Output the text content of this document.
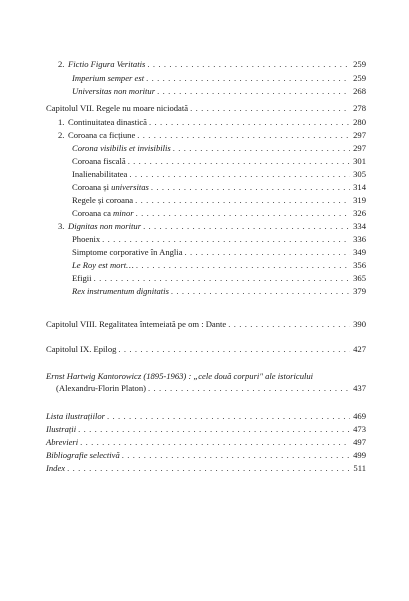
2. Fictio Figura Veritatis . . .	259
Imperium semper est . . .	259
Universitas non moritur . . .	268
Capitolul VII. Regele nu moare niciodată . . .	278
1. Continuitatea dinastică . . .	280
2. Coroana ca ficțiune . . .	297
Corona visibilis et invisibilis . . .	297
Coroana fiscală . . .	301
Inalienabilitatea . . .	305
Coroana și universitas . . .	314
Regele și coroana . . .	319
Coroana ca minor . . .	326
3. Dignitas non moritur . . .	334
Phoenix . . .	336
Simptome corporative în Anglia . . .	349
Le Roy est mort… . . .	356
Efigii . . .	365
Rex instrumentum dignitatis . . .	379
Capitolul VIII. Regalitatea întemeiată pe om : Dante . . .	390
Capitolul IX. Epilog . . .	427
Ernst Hartwig Kantorowicz (1895-1963) : „cele două corpuri" ale istoricului
(Alexandru-Florin Platon) . . .	437
Lista ilustrațiilor . . .	469
Ilustrații . . .	473
Abrevieri . . .	497
Bibliografie selectivă . . .	499
Index . . .	511
